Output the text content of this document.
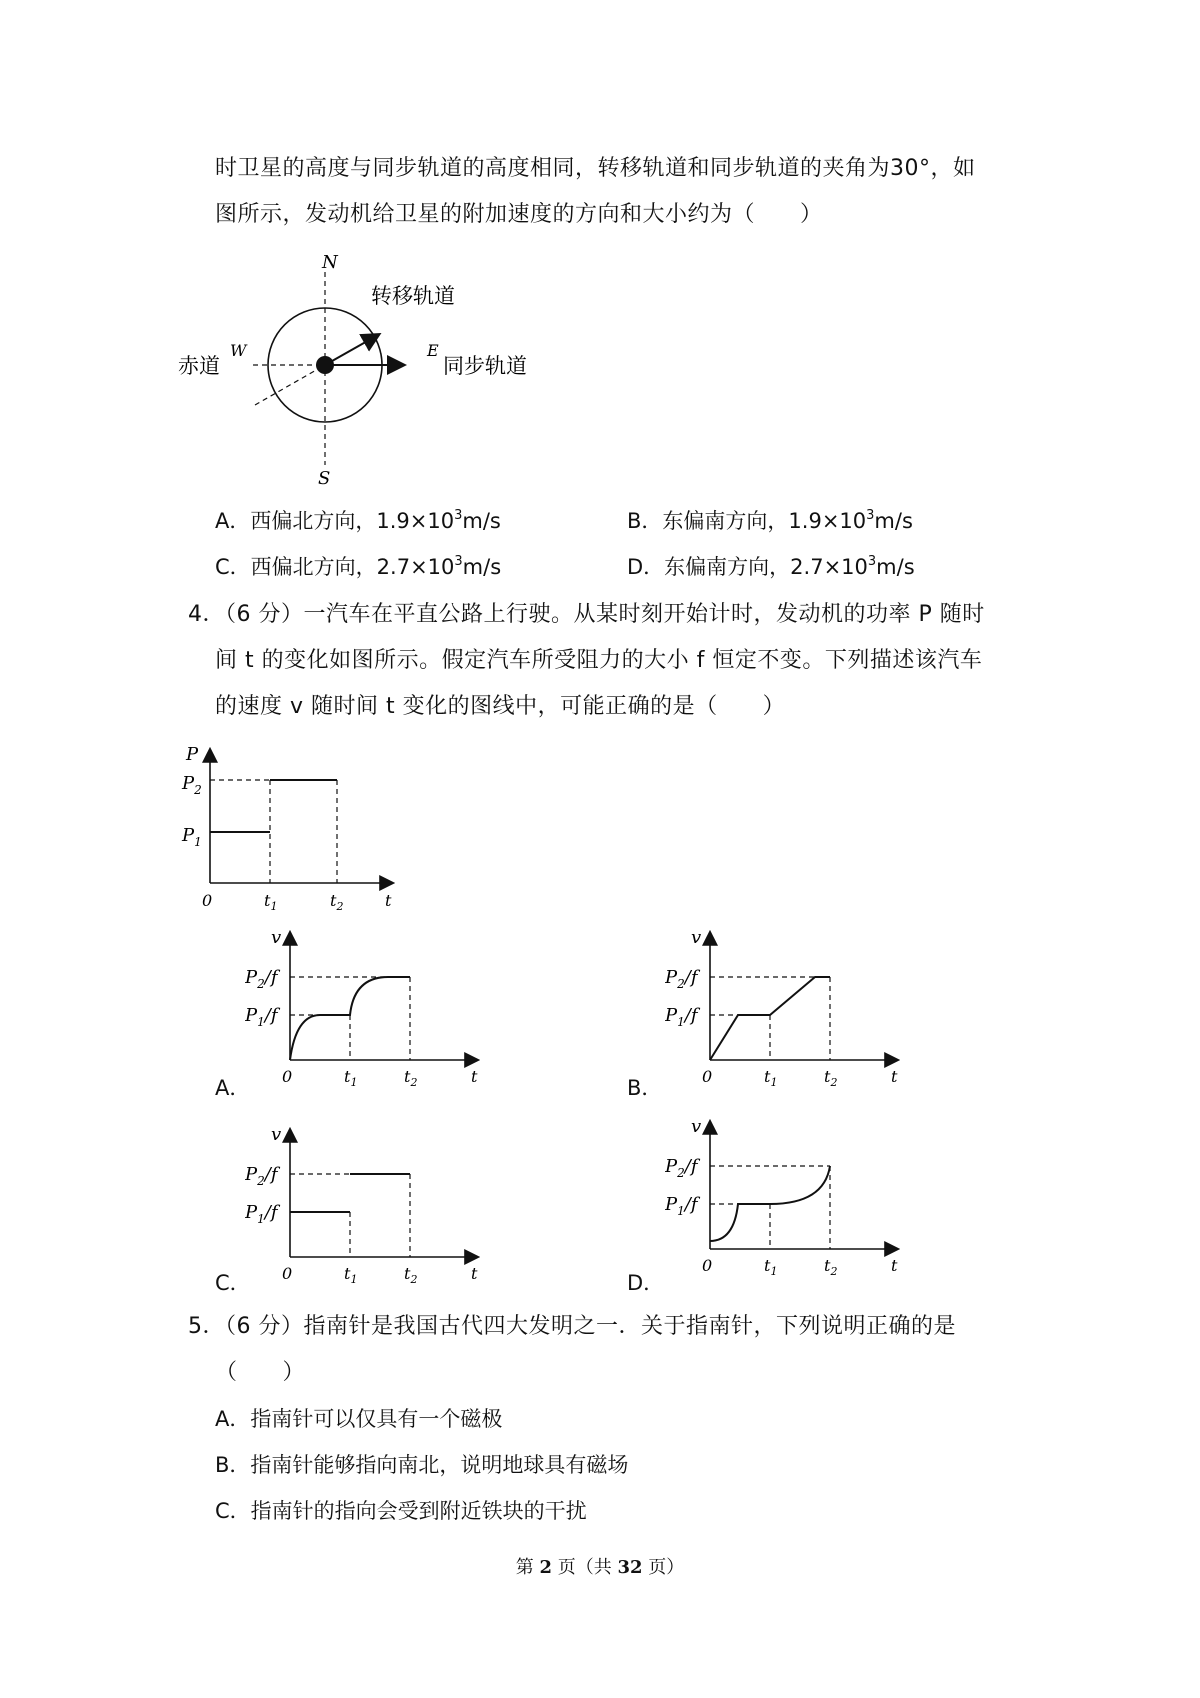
时卫星的高度与同步轨道的高度相同，转移轨道和同步轨道的夹角为30°，如
图所示，发动机给卫星的附加速度的方向和大小约为（　　）
N
S
W	E
赤道
转移轨道
同步轨道
A．西偏北方向，$1.9\times 10^3m/s$	B．东偏南方向，$1.9\times 10^3m/s$
C．西偏北方向，$2.7\times 10^3m/s$	D．东偏南方向，$2.7\times 10^3m/s$
4．（6 分）一汽车在平直公路上行驶。从某时刻开始计时，发动机的功率 P 随时
间 t 的变化如图所示。假定汽车所受阻力的大小 f 恒定不变。下列描述该汽车
的速度 v 随时间 t 变化的图线中，可能正确的是（　　）
P
$P_2$
$P_1$
0	$t_1$	$t_2$	t
v
$P_2/f$
$P_1/f$
0	$t_1$	$t_2$	t
v
$P_2/f$
$P_1/f$
0	$t_1$	$t_2$	t
v
$P_2/f$
$P_1/f$
0	$t_1$	$t_2$	t
v
$P_2/f$
$P_1/f$
0	$t_1$	$t_2$	t
A．	B．
C．	D．
5．（6 分）指南针是我国古代四大发明之一．关于指南针，下列说明正确的是
（　　）
A．指南针可以仅具有一个磁极
B．指南针能够指向南北，说明地球具有磁场
C．指南针的指向会受到附近铁块的干扰
第 2 页（共 32 页）
